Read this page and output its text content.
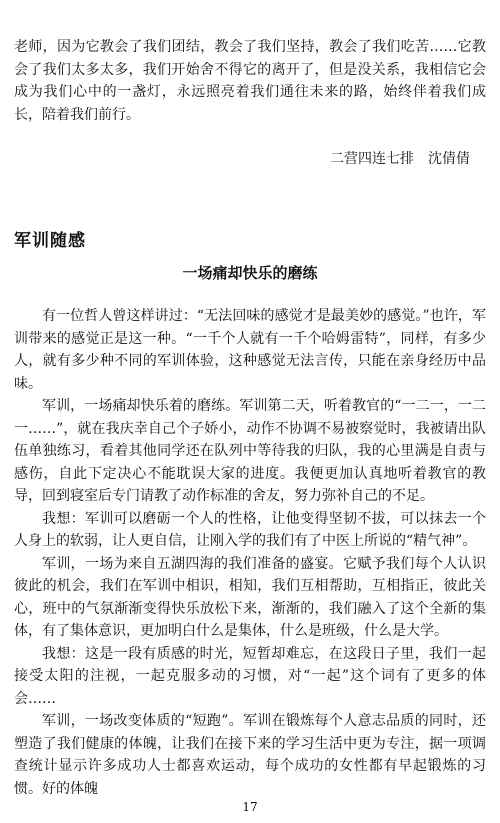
老师，因为它教会了我们团结，教会了我们坚持，教会了我们吃苦……它教会了我们太多太多，我们开始舍不得它的离开了，但是没关系，我相信它会成为我们心中的一盏灯，永远照亮着我们通往未来的路，始终伴着我们成长，陪着我们前行。

二营四连七排　沈倩倩
军训随感
一场痛却快乐的磨练

有一位哲人曾这样讲过：“无法回味的感觉才是最美妙的感觉。”也许，军训带来的感觉正是这一种。“一千个人就有一千个哈姆雷特”，同样，有多少人，就有多少种不同的军训体验，这种感觉无法言传，只能在亲身经历中品味。

军训，一场痛却快乐着的磨练。军训第二天，听着教官的“一二一，一二一……”，就在我庆幸自己个子娇小，动作不协调不易被察觉时，我被请出队伍单独练习，看着其他同学还在队列中等待我的归队，我的心里满是自责与感伤，自此下定决心不能耽误大家的进度。我便更加认真地听着教官的教导，回到寝室后专门请教了动作标准的舍友，努力弥补自己的不足。

我想：军训可以磨砺一个人的性格，让他变得坚韧不拔，可以抹去一个人身上的软弱，让人更自信，让刚入学的我们有了中医上所说的“精气神”。

军训，一场为来自五湖四海的我们准备的盛宴。它赋予我们每个人认识彼此的机会，我们在军训中相识，相知，我们互相帮助，互相指正，彼此关心，班中的气氛渐渐变得快乐放松下来，渐渐的，我们融入了这个全新的集体，有了集体意识，更加明白什么是集体，什么是班级，什么是大学。

我想：这是一段有质感的时光，短暂却难忘，在这段日子里，我们一起接受太阳的注视，一起克服多动的习惯，对“一起”这个词有了更多的体会……

军训，一场改变体质的“短跑”。军训在锻炼每个人意志品质的同时，还塑造了我们健康的体魄，让我们在接下来的学习生活中更为专注，据一项调查统计显示许多成功人士都喜欢运动，每个成功的女性都有早起锻炼的习惯。好的体魄

17
